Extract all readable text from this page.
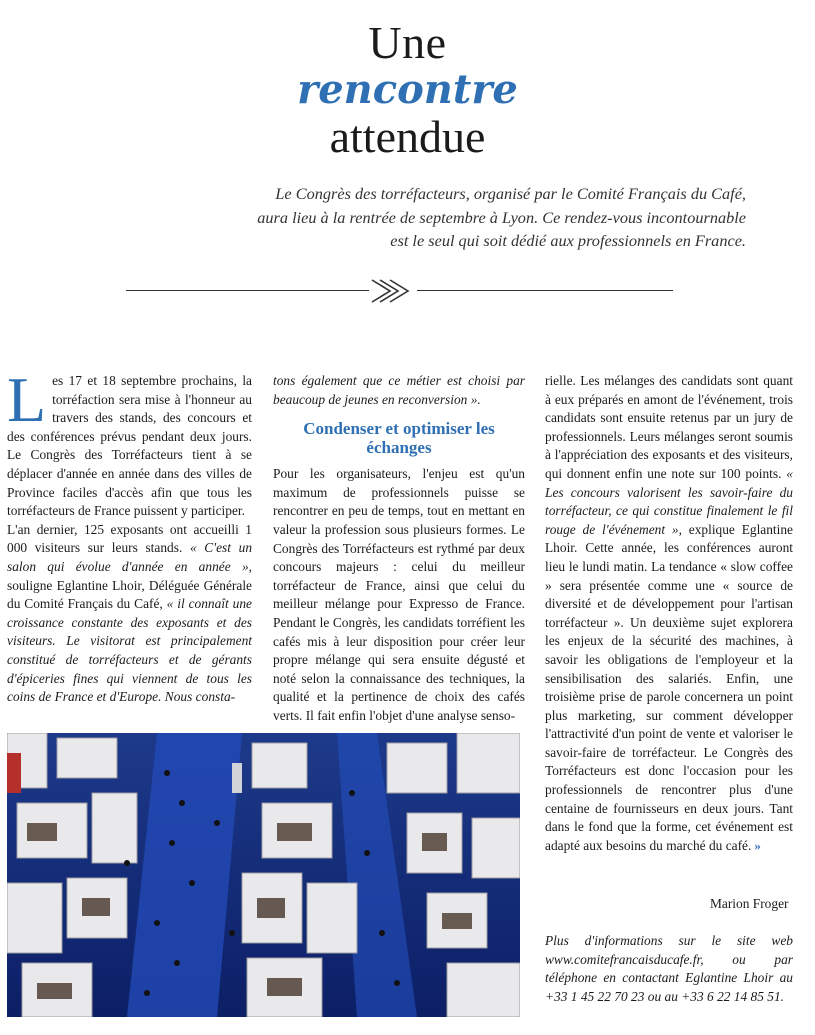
Une
rencontre
attendue
Le Congrès des torréfacteurs, organisé par le Comité Français du Café,
aura lieu à la rentrée de septembre à Lyon. Ce rendez-vous incontournable
est le seul qui soit dédié aux professionnels en France.

Les 17 et 18 septembre prochains, la torréfaction sera mise à l'honneur au travers des stands, des concours et des conférences prévus pendant deux jours. Le Congrès des Torréfacteurs tient à se déplacer d'année en année dans des villes de Province faciles d'accès afin que tous les torréfacteurs de France puissent y participer.

L'an dernier, 125 exposants ont accueilli 1 000 visiteurs sur leurs stands. « C'est un salon qui évolue d'année en année », souligne Eglantine Lhoir, Déléguée Générale du Comité Français du Café, « il connaît une croissance constante des exposants et des visiteurs. Le visitorat est principalement constitué de torréfacteurs et de gérants d'épiceries fines qui viennent de tous les coins de France et d'Europe. Nous consta-

tons également que ce métier est choisi par beaucoup de jeunes en reconversion ».

Condenser et optimiser les échanges

Pour les organisateurs, l'enjeu est qu'un maximum de professionnels puisse se rencontrer en peu de temps, tout en mettant en valeur la profession sous plusieurs formes. Le Congrès des Torréfacteurs est rythmé par deux concours majeurs : celui du meilleur torréfacteur de France, ainsi que celui du meilleur mélange pour Expresso de France. Pendant le Congrès, les candidats torréfient les cafés mis à leur disposition pour créer leur propre mélange qui sera ensuite dégusté et noté selon la connaissance des techniques, la qualité et la pertinence de choix des cafés verts. Il fait enfin l'objet d'une analyse senso-

rielle. Les mélanges des candidats sont quant à eux préparés en amont de l'événement, trois candidats sont ensuite retenus par un jury de professionnels. Leurs mélanges seront soumis à l'appréciation des exposants et des visiteurs, qui donnent enfin une note sur 100 points. « Les concours valorisent les savoir-faire du torréfacteur, ce qui constitue finalement le fil rouge de l'événement », explique Eglantine Lhoir. Cette année, les conférences auront lieu le lundi matin. La tendance « slow coffee » sera présentée comme une « source de diversité et de développement pour l'artisan torréfacteur ». Un deuxième sujet explorera les enjeux de la sécurité des machines, à savoir les obligations de l'employeur et la sensibilisation des salariés. Enfin, une troisième prise de parole concernera un point plus marketing, sur comment développer l'attractivité d'un point de vente et valoriser le savoir-faire de torréfacteur. Le Congrès des Torréfacteurs est donc l'occasion pour les professionnels de rencontrer plus d'une centaine de fournisseurs en deux jours. Tant dans le fond que la forme, cet événement est adapté aux besoins du marché du café. »

Marion Froger
Plus d'informations sur le site web www.comitefrancaisducafe.fr, ou par téléphone en contactant Eglantine Lhoir au +33 1 45 22 70 23 ou au +33 6 22 14 85 51.
